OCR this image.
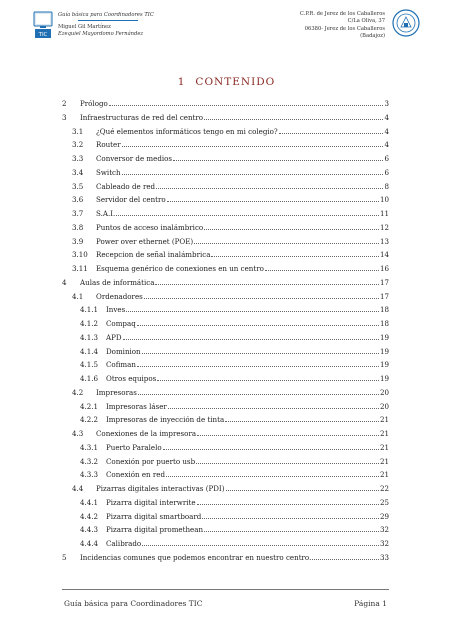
TIC
Guía básica para Coordinadores TIC
Miguel Gil Martínez
Ezequiel Mayordomo Fernández
C.P.R. de Jerez de los Caballeros
C/La Oliva, 37
06380- Jerez de los Caballeros
(Badajoz)
1 CONTENIDO
2	Prólogo	3
3	Infraestructuras de red del centro	4
3.1	¿Qué elementos informáticos tengo en mi colegio?	4
3.2	Router	4
3.3	Conversor de medios	6
3.4	Switch	6
3.5	Cableado de red	8
3.6	Servidor del centro	10
3.7	S.A.I.	11
3.8	Puntos de acceso inalámbrico	12
3.9	Power over ethernet (POE)	13
3.10	Recepcion de señal inalámbrica	14
3.11	Esquema genérico de conexiones en un centro	16
4	Aulas de informática	17
4.1	Ordenadores	17
4.1.1	Inves	18
4.1.2	Compaq	18
4.1.3	APD	19
4.1.4	Dominion	19
4.1.5	Cofiman	19
4.1.6	Otros equipos	19
4.2	Impresoras	20
4.2.1	Impresoras láser	20
4.2.2	Impresoras de inyección de tinta	21
4.3	Conexiones de la impresora	21
4.3.1	Puerto Paralelo	21
4.3.2	Conexión por puerto usb	21
4.3.3	Conexión en red	21
4.4	Pizarras digitales interactivas (PDI)	22
4.4.1	Pizarra digital interwrite	25
4.4.2	Pizarra digital smartboard	29
4.4.3	Pizarra digital promethean	32
4.4.4	Calibrado	32
5	Incidencias comunes que podemos encontrar en nuestro centro.	33
Guía básica para Coordinadores TIC	Página 1
